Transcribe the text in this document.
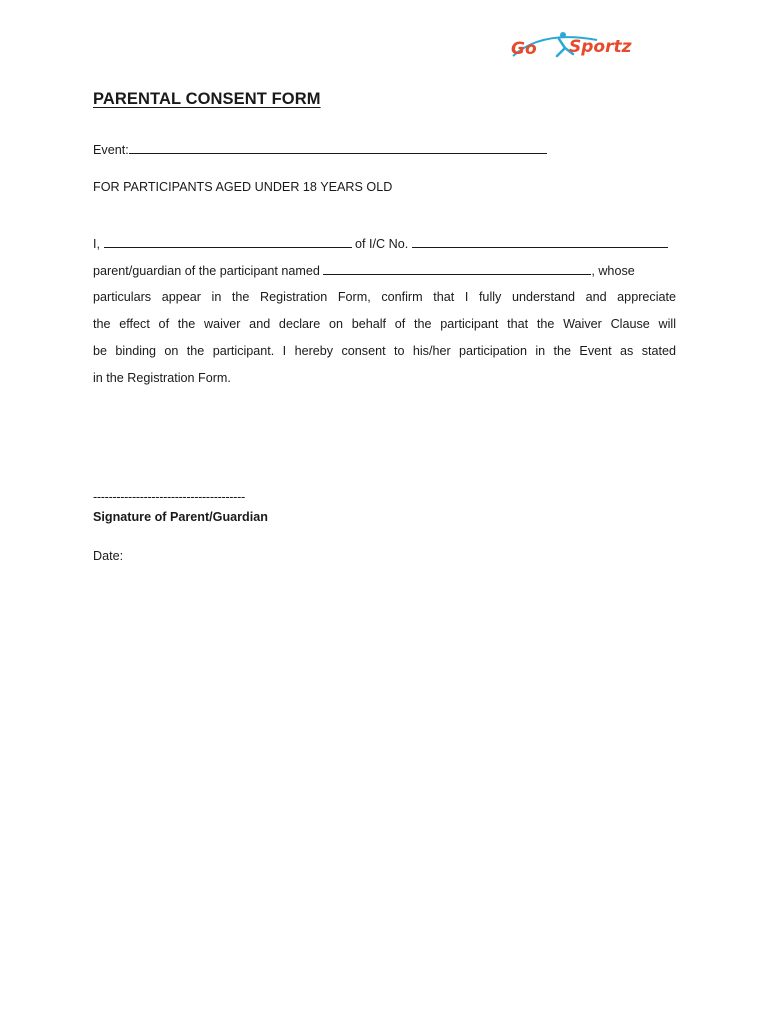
Go Sportz
PARENTAL CONSENT FORM
Event:
FOR PARTICIPANTS AGED UNDER 18 YEARS OLD
I,	of I/C No.
parent/guardian of the participant named	, whose
particulars appear in the Registration Form, confirm that I fully understand and appreciate
the effect of the waiver and declare on behalf of the participant that the Waiver Clause will
be binding on the participant. I hereby consent to his/her participation in the Event as stated
in the Registration Form.
---------------------------------------
Signature of Parent/Guardian
Date:
